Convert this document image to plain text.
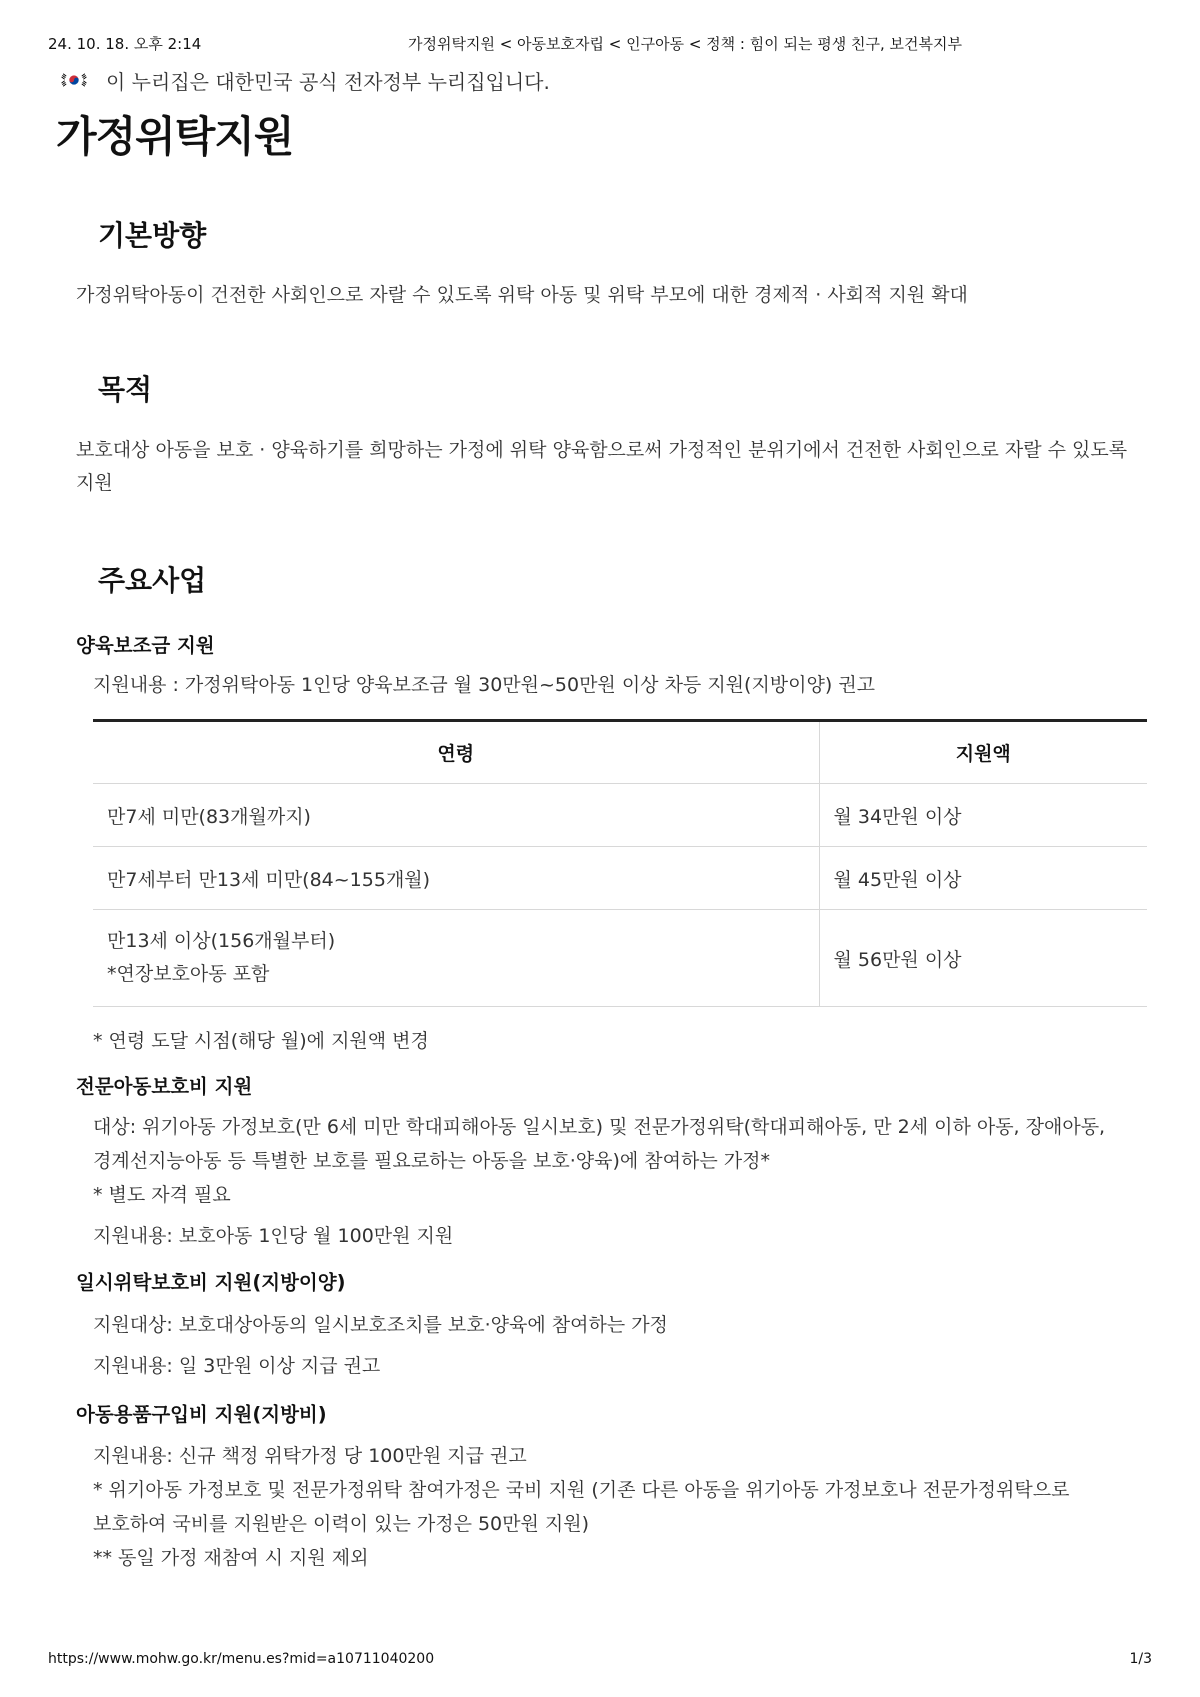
24. 10. 18. 오후 2:14	가정위탁지원 < 아동보호자립 < 인구아동 < 정책 : 힘이 되는 평생 친구, 보건복지부
이 누리집은 대한민국 공식 전자정부 누리집입니다.
가정위탁지원
기본방향

가정위탁아동이 건전한 사회인으로 자랄 수 있도록 위탁 아동 및 위탁 부모에 대한 경제적 · 사회적 지원 확대

목적

보호대상 아동을 보호 · 양육하기를 희망하는 가정에 위탁 양육함으로써 가정적인 분위기에서 건전한 사회인으로 자랄 수 있도록 지원

주요사업
양육보조금 지원

지원내용 : 가정위탁아동 1인당 양육보조금 월 30만원~50만원 이상 차등 지원(지방이양) 권고

연령	지원액
만7세 미만(83개월까지)	월 34만원 이상
만7세부터 만13세 미만(84~155개월)	월 45만원 이상

만13세 이상(156개월부터)
*연장보호아동 포함	월 56만원 이상

* 연령 도달 시점(해당 월)에 지원액 변경

전문아동보호비 지원

대상: 위기아동 가정보호(만 6세 미만 학대피해아동 일시보호) 및 전문가정위탁(학대피해아동, 만 2세 이하 아동, 장애아동,

경계선지능아동 등 특별한 보호를 필요로하는 아동을 보호·양육)에 참여하는 가정*

* 별도 자격 필요

지원내용: 보호아동 1인당 월 100만원 지원

일시위탁보호비 지원(지방이양)

지원대상: 보호대상아동의 일시보호조치를 보호·양육에 참여하는 가정

지원내용: 일 3만원 이상 지급 권고

아동용품구입비 지원(지방비)

지원내용: 신규 책정 위탁가정 당 100만원 지급 권고

* 위기아동 가정보호 및 전문가정위탁 참여가정은 국비 지원 (기존 다른 아동을 위기아동 가정보호나 전문가정위탁으로

보호하여 국비를 지원받은 이력이 있는 가정은 50만원 지원)

** 동일 가정 재참여 시 지원 제외

https://www.mohw.go.kr/menu.es?mid=a10711040200	1/3
